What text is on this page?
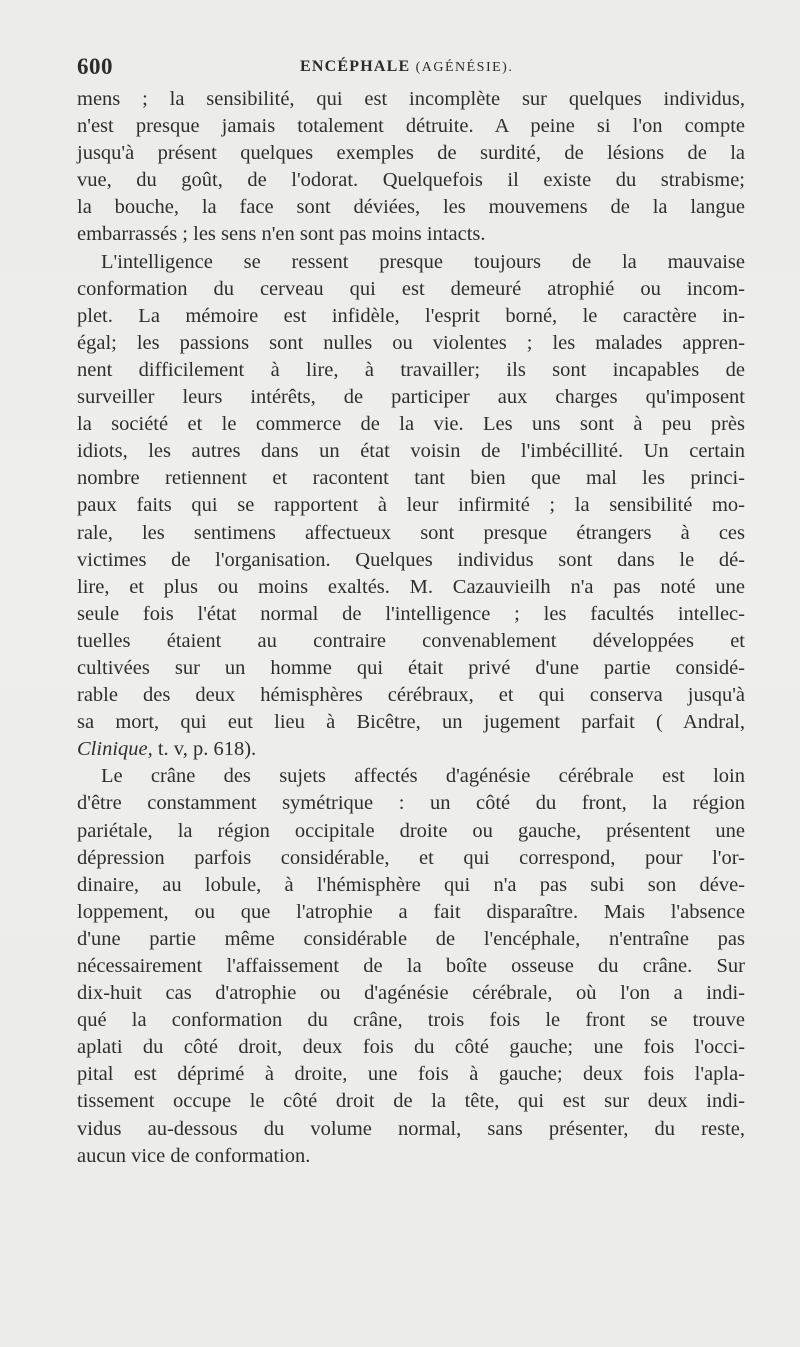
600	ENCÉPHALE (AGÉNÉSIE).
mens ; la sensibilité, qui est incomplète sur quelques individus,
n'est presque jamais totalement détruite. A peine si l'on compte
jusqu'à présent quelques exemples de surdité, de lésions de la
vue, du goût, de l'odorat. Quelquefois il existe du strabisme;
la bouche, la face sont déviées, les mouvemens de la langue
embarrassés ; les sens n'en sont pas moins intacts.
L'intelligence se ressent presque toujours de la mauvaise
conformation du cerveau qui est demeuré atrophié ou incom-
plet. La mémoire est infidèle, l'esprit borné, le caractère in-
égal; les passions sont nulles ou violentes ; les malades appren-
nent difficilement à lire, à travailler; ils sont incapables de
surveiller leurs intérêts, de participer aux charges qu'imposent
la société et le commerce de la vie. Les uns sont à peu près
idiots, les autres dans un état voisin de l'imbécillité. Un certain
nombre retiennent et racontent tant bien que mal les princi-
paux faits qui se rapportent à leur infirmité ; la sensibilité mo-
rale, les sentimens affectueux sont presque étrangers à ces
victimes de l'organisation. Quelques individus sont dans le dé-
lire, et plus ou moins exaltés. M. Cazauvieilh n'a pas noté une
seule fois l'état normal de l'intelligence ; les facultés intellec-
tuelles étaient au contraire convenablement développées et
cultivées sur un homme qui était privé d'une partie considé-
rable des deux hémisphères cérébraux, et qui conserva jusqu'à
sa mort, qui eut lieu à Bicêtre, un jugement parfait ( Andral,
Clinique, t. v, p. 618).
Le crâne des sujets affectés d'agénésie cérébrale est loin
d'être constamment symétrique : un côté du front, la région
pariétale, la région occipitale droite ou gauche, présentent une
dépression parfois considérable, et qui correspond, pour l'or-
dinaire, au lobule, à l'hémisphère qui n'a pas subi son déve-
loppement, ou que l'atrophie a fait disparaître. Mais l'absence
d'une partie même considérable de l'encéphale, n'entraîne pas
nécessairement l'affaissement de la boîte osseuse du crâne. Sur
dix-huit cas d'atrophie ou d'agénésie cérébrale, où l'on a indi-
qué la conformation du crâne, trois fois le front se trouve
aplati du côté droit, deux fois du côté gauche; une fois l'occi-
pital est déprimé à droite, une fois à gauche; deux fois l'apla-
tissement occupe le côté droit de la tête, qui est sur deux indi-
vidus au-dessous du volume normal, sans présenter, du reste,
aucun vice de conformation.
